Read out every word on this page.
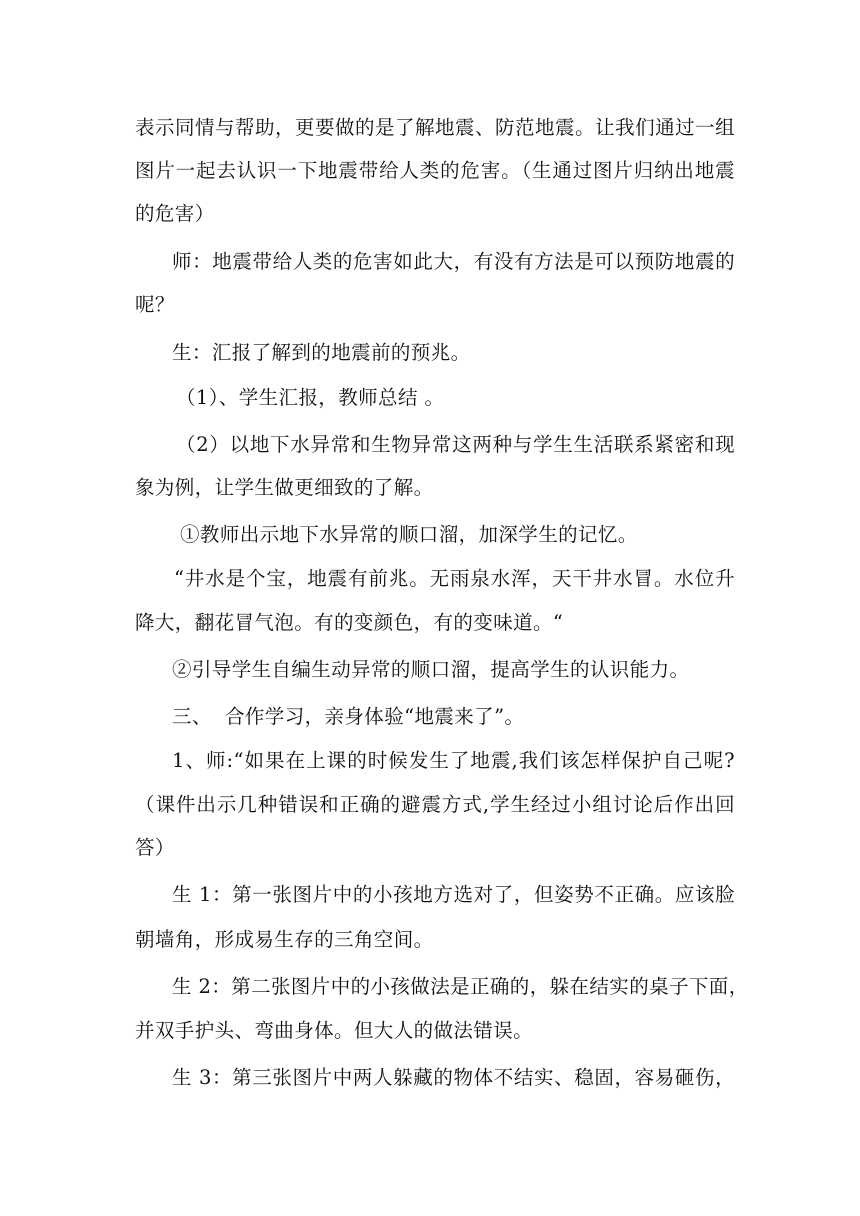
表示同情与帮助，更要做的是了解地震、防范地震。让我们通过一组
图片一起去认识一下地震带给人类的危害。（生通过图片归纳出地震
的危害）
师：地震带给人类的危害如此大，有没有方法是可以预防地震的
呢？
生：汇报了解到的地震前的预兆。
（1）、学生汇报，教师总结 。
（2）以地下水异常和生物异常这两种与学生生活联系紧密和现
象为例，让学生做更细致的了解。
①教师出示地下水异常的顺口溜，加深学生的记忆。
“井水是个宝，地震有前兆。无雨泉水浑，天干井水冒。水位升
降大，翻花冒气泡。有的变颜色，有的变味道。“
②引导学生自编生动异常的顺口溜，提高学生的认识能力。
三、  合作学习，亲身体验“地震来了”。
1、师:“如果在上课的时候发生了地震,我们该怎样保护自己呢?
（课件出示几种错误和正确的避震方式,学生经过小组讨论后作出回
答）
生 1：第一张图片中的小孩地方选对了，但姿势不正确。应该脸
朝墙角，形成易生存的三角空间。
生 2：第二张图片中的小孩做法是正确的，躲在结实的桌子下面，
并双手护头、弯曲身体。但大人的做法错误。
生 3：第三张图片中两人躲藏的物体不结实、稳固，容易砸伤，
